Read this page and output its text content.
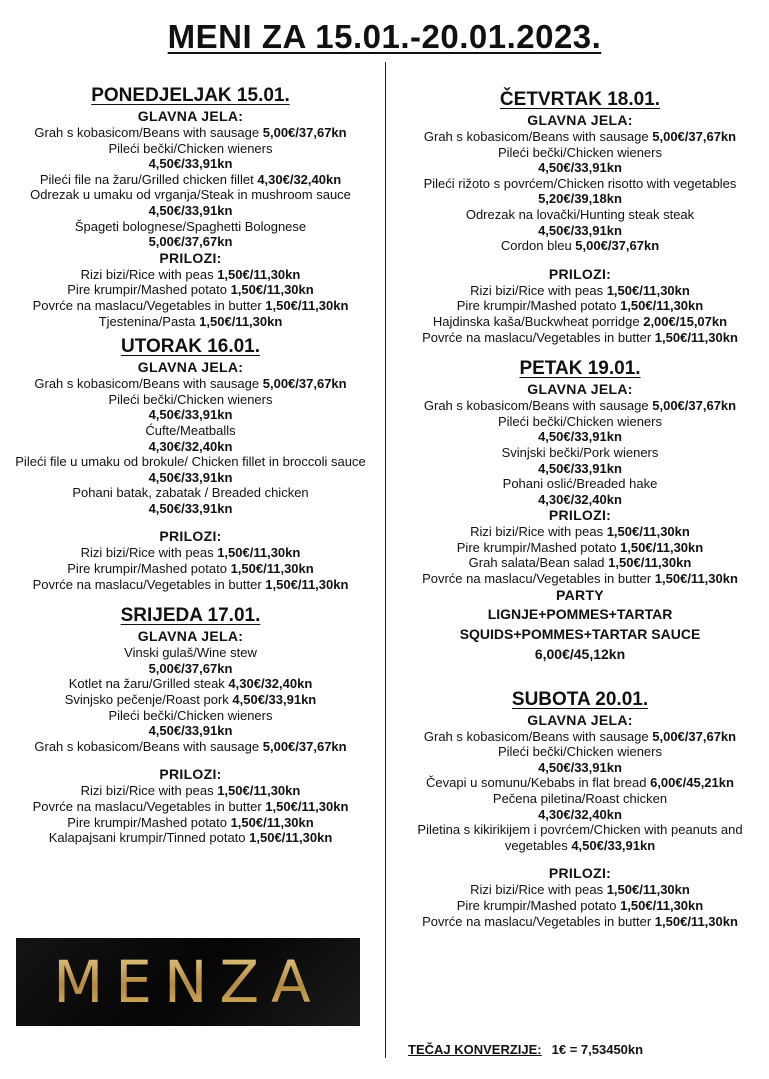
MENI ZA 15.01.-20.01.2023.
PONEDJELJAK 15.01.
GLAVNA JELA:
Grah s kobasicom/Beans with sausage 5,00€/37,67kn
Pileći bečki/Chicken wieners
4,50€/33,91kn
Pileći file na žaru/Grilled chicken fillet 4,30€/32,40kn
Odrezak u umaku od vrganja/Steak in mushroom sauce 4,50€/33,91kn
Špageti bolognese/Spaghetti Bolognese
5,00€/37,67kn
PRILOZI:
Rizi bizi/Rice with peas 1,50€/11,30kn
Pire krumpir/Mashed potato 1,50€/11,30kn
Povrće na maslacu/Vegetables in butter 1,50€/11,30kn
Tjestenina/Pasta 1,50€/11,30kn
UTORAK 16.01.
GLAVNA JELA:
Grah s kobasicom/Beans with sausage 5,00€/37,67kn
Pileći bečki/Chicken wieners
4,50€/33,91kn
Ćufte/Meatballs
4,30€/32,40kn
Pileći file u umaku od brokule/ Chicken fillet in broccoli sauce 4,50€/33,91kn
Pohani batak, zabatak / Breaded chicken
4,50€/33,91kn
PRILOZI:
Rizi bizi/Rice with peas 1,50€/11,30kn
Pire krumpir/Mashed potato 1,50€/11,30kn
Povrće na maslacu/Vegetables in butter 1,50€/11,30kn
SRIJEDA 17.01.
GLAVNA JELA:
Vinski gulaš/Wine stew
5,00€/37,67kn
Kotlet na žaru/Grilled steak 4,30€/32,40kn
Svinjsko pečenje/Roast pork 4,50€/33,91kn
Pileći bečki/Chicken wieners
4,50€/33,91kn
Grah s kobasicom/Beans with sausage 5,00€/37,67kn
PRILOZI:
Rizi bizi/Rice with peas 1,50€/11,30kn
Povrće na maslacu/Vegetables in butter 1,50€/11,30kn
Pire krumpir/Mashed potato 1,50€/11,30kn
Kalapajsani krumpir/Tinned potato 1,50€/11,30kn
ČETVRTAK 18.01.
GLAVNA JELA:
Grah s kobasicom/Beans with sausage 5,00€/37,67kn
Pileći bečki/Chicken wieners
4,50€/33,91kn
Pileći rižoto s povrćem/Chicken risotto with vegetables
5,20€/39,18kn
Odrezak na lovački/Hunting steak steak
4,50€/33,91kn
Cordon bleu 5,00€/37,67kn
PRILOZI:
Rizi bizi/Rice with peas 1,50€/11,30kn
Pire krumpir/Mashed potato 1,50€/11,30kn
Hajdinska kaša/Buckwheat porridge 2,00€/15,07kn
Povrće na maslacu/Vegetables in butter 1,50€/11,30kn
PETAK 19.01.
GLAVNA JELA:
Grah s kobasicom/Beans with sausage 5,00€/37,67kn
Pileći bečki/Chicken wieners
4,50€/33,91kn
Svinjski bečki/Pork wieners
4,50€/33,91kn
Pohani oslić/Breaded hake
4,30€/32,40kn
PRILOZI:
Rizi bizi/Rice with peas 1,50€/11,30kn
Pire krumpir/Mashed potato 1,50€/11,30kn
Grah salata/Bean salad 1,50€/11,30kn
Povrće na maslacu/Vegetables in butter 1,50€/11,30kn
PARTY
LIGNJE+POMMES+TARTAR
SQUIDS+POMMES+TARTAR SAUCE
6,00€/45,12kn
SUBOTA 20.01.
GLAVNA JELA:
Grah s kobasicom/Beans with sausage 5,00€/37,67kn
Pileći bečki/Chicken wieners
4,50€/33,91kn
Čevapi u somunu/Kebabs in flat bread 6,00€/45,21kn
Pečena piletina/Roast chicken
4,30€/32,40kn
Piletina s kikirikijem i povrćem/Chicken with peanuts and vegetables 4,50€/33,91kn
PRILOZI:
Rizi bizi/Rice with peas 1,50€/11,30kn
Pire krumpir/Mashed potato 1,50€/11,30kn
Povrće na maslacu/Vegetables in butter 1,50€/11,30kn
MENZA
TEČAJ KONVERZIJE: 1€ = 7,53450kn
